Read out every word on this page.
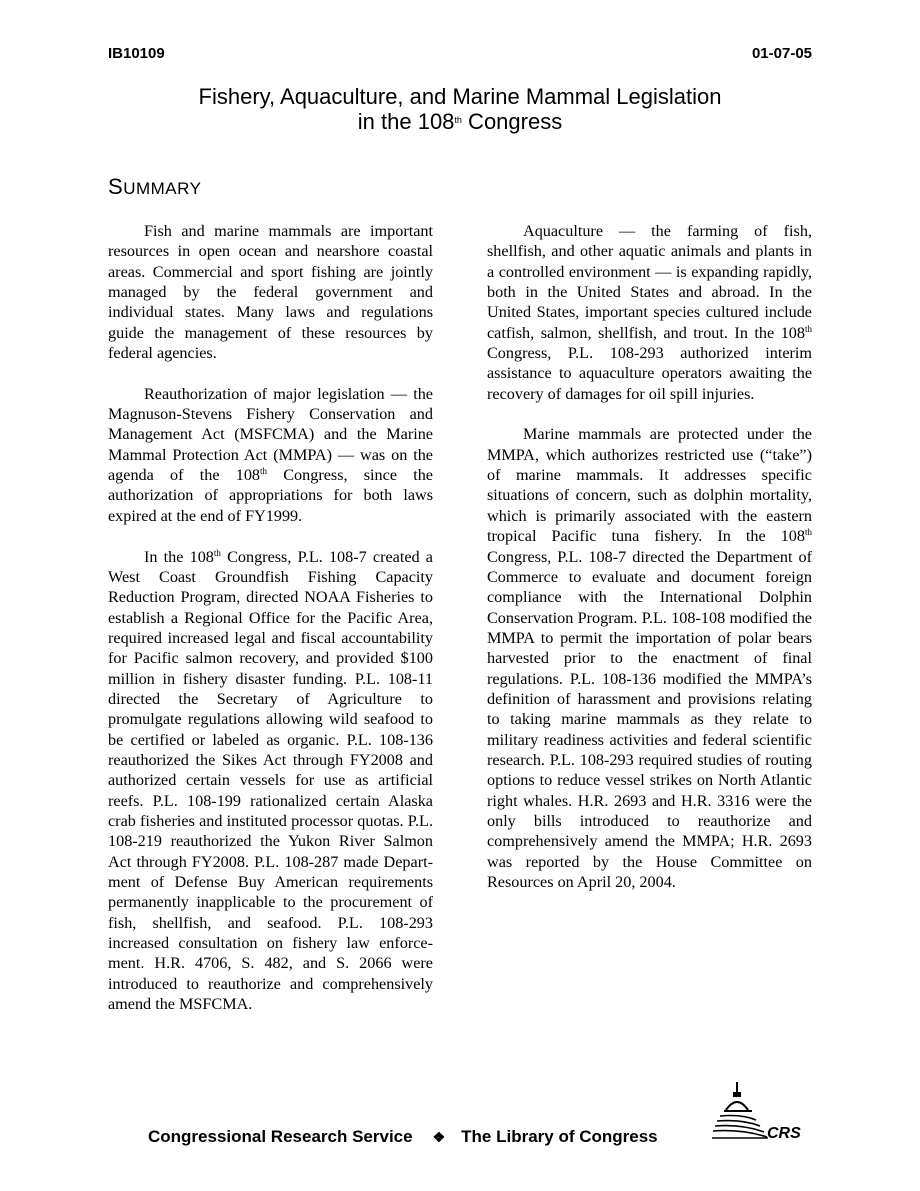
IB10109	01-07-05
Fishery, Aquaculture, and Marine Mammal Legislation
in the 108th Congress
SUMMARY

Fish and marine mammals are important resources in open ocean and nearshore coastal areas. Commercial and sport fishing are jointly managed by the federal government and individual states. Many laws and regulations guide the management of these resources by federal agencies.

Reauthorization of major legislation — the Magnuson-Stevens Fishery Conservation and Management Act (MSFCMA) and the Marine Mammal Protection Act (MMPA) — was on the agenda of the 108th Congress, since the authorization of appropriations for both laws expired at the end of FY1999.

In the 108th Congress, P.L. 108-7 created a West Coast Groundfish Fishing Capacity Reduction Program, directed NOAA Fisheries to establish a Regional Office for the Pacific Area, required increased legal and fiscal accountability for Pacific salmon recovery, and provided $100 million in fishery disaster funding. P.L. 108-11 directed the Secretary of Agriculture to promulgate regulations allowing wild seafood to be certified or labeled as organic. P.L. 108-136 reauthorized the Sikes Act through FY2008 and authorized certain vessels for use as artificial reefs. P.L. 108-199 rationalized certain Alaska crab fisheries and instituted processor quotas. P.L. 108-219 reauthorized the Yukon River Salmon Act through FY2008. P.L. 108-287 made Department of Defense Buy American requirements permanently inapplicable to the procurement of fish, shellfish, and seafood. P.L. 108-293 increased consultation on fishery law enforcement. H.R. 4706, S. 482, and S. 2066 were introduced to reauthorize and comprehensively amend the MSFCMA.

Aquaculture — the farming of fish, shellfish, and other aquatic animals and plants in a controlled environment — is expanding rapidly, both in the United States and abroad. In the United States, important species cultured include catfish, salmon, shellfish, and trout. In the 108th Congress, P.L. 108-293 authorized interim assistance to aquaculture operators awaiting the recovery of damages for oil spill injuries.

Marine mammals are protected under the MMPA, which authorizes restricted use (“take”) of marine mammals. It addresses specific situations of concern, such as dolphin mortality, which is primarily associated with the eastern tropical Pacific tuna fishery. In the 108th Congress, P.L. 108-7 directed the Department of Commerce to evaluate and document foreign compliance with the International Dolphin Conservation Program. P.L. 108-108 modified the MMPA to permit the importation of polar bears harvested prior to the enactment of final regulations. P.L. 108-136 modified the MMPA’s definition of harassment and provisions relating to taking marine mammals as they relate to military readiness activities and federal scientific research. P.L. 108-293 required studies of routing options to reduce vessel strikes on North Atlantic right whales. H.R. 2693 and H.R. 3316 were the only bills introduced to reauthorize and comprehensively amend the MMPA; H.R. 2693 was reported by the House Committee on Resources on April 20, 2004.

Congressional Research Service ❖ The Library of Congress	CRS
